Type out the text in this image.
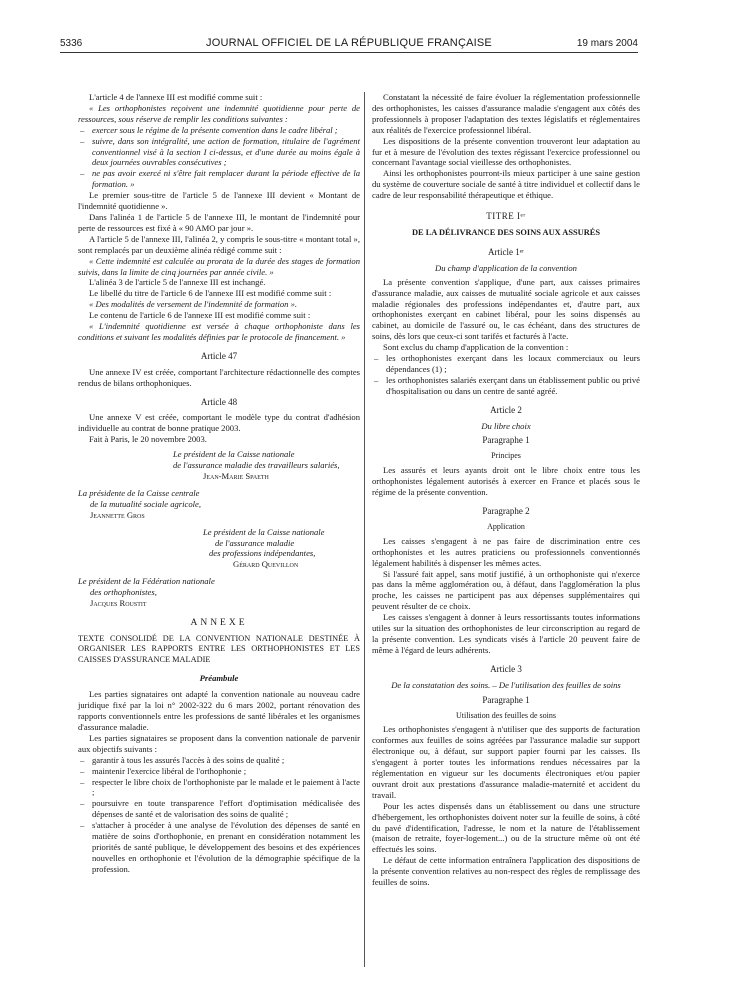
5336	JOURNAL OFFICIEL DE LA RÉPUBLIQUE FRANÇAISE	19 mars 2004

L'article 4 de l'annexe III est modifié comme suit :

« Les orthophonistes reçoivent une indemnité quotidienne pour perte de ressources, sous réserve de remplir les conditions suivantes :

– exercer sous le régime de la présente convention dans le cadre libéral ;
– suivre, dans son intégralité, une action de formation, titulaire de l'agrément conventionnel visé à la section I ci-dessus, et d'une durée au moins égale à deux journées ouvrables consécutives ;
– ne pas avoir exercé ni s'être fait remplacer durant la période effective de la formation. »

Le premier sous-titre de l'article 5 de l'annexe III devient « Montant de l'indemnité quotidienne ».

Dans l'alinéa 1 de l'article 5 de l'annexe III, le montant de l'indemnité pour perte de ressources est fixé à « 90 AMO par jour ».

A l'article 5 de l'annexe III, l'alinéa 2, y compris le sous-titre « montant total », sont remplacés par un deuxième alinéa rédigé comme suit :

« Cette indemnité est calculée au prorata de la durée des stages de formation suivis, dans la limite de cinq journées par année civile. »

L'alinéa 3 de l'article 5 de l'annexe III est inchangé.

Le libellé du titre de l'article 6 de l'annexe III est modifié comme suit :

« Des modalités de versement de l'indemnité de formation ».

Le contenu de l'article 6 de l'annexe III est modifié comme suit :

« L'indemnité quotidienne est versée à chaque orthophoniste dans les conditions et suivant les modalités définies par le protocole de financement. »

Article 47

Une annexe IV est créée, comportant l'architecture rédactionnelle des comptes rendus de bilans orthophoniques.

Article 48

Une annexe V est créée, comportant le modèle type du contrat d'adhésion individuelle au contrat de bonne pratique 2003.

Fait à Paris, le 20 novembre 2003.

Le président de la Caisse nationale
de l'assurance maladie des travailleurs salariés,
Jean-Marie Spaeth
La présidente de la Caisse centrale
de la mutualité sociale agricole,
Jeannette Gros
Le président de la Caisse nationale
de l'assurance maladie
des professions indépendantes,
Gérard Quevillon
Le président de la Fédération nationale
des orthophonistes,
Jacques Roustit

ANNEXE

TEXTE CONSOLIDÉ DE LA CONVENTION NATIONALE DESTINÉE À ORGANISER LES RAPPORTS ENTRE LES ORTHOPHONISTES ET LES CAISSES D'ASSURANCE MALADIE

Préambule

Les parties signataires ont adapté la convention nationale au nouveau cadre juridique fixé par la loi n° 2002-322 du 6 mars 2002, portant rénovation des rapports conventionnels entre les professions de santé libérales et les organismes d'assurance maladie.

Les parties signataires se proposent dans la convention nationale de parvenir aux objectifs suivants :

– garantir à tous les assurés l'accès à des soins de qualité ;
– maintenir l'exercice libéral de l'orthophonie ;
– respecter le libre choix de l'orthophoniste par le malade et le paiement à l'acte ;
– poursuivre en toute transparence l'effort d'optimisation médicalisée des dépenses de santé et de valorisation des soins de qualité ;
– s'attacher à procéder à une analyse de l'évolution des dépenses de santé en matière de soins d'orthophonie, en prenant en considération notamment les priorités de santé publique, le développement des besoins et des expériences nouvelles en orthophonie et l'évolution de la démographie spécifique de la profession.

Constatant la nécessité de faire évoluer la réglementation professionnelle des orthophonistes, les caisses d'assurance maladie s'engagent aux côtés des professionnels à proposer l'adaptation des textes législatifs et réglementaires aux réalités de l'exercice professionnel libéral.

Les dispositions de la présente convention trouveront leur adaptation au fur et à mesure de l'évolution des textes régissant l'exercice professionnel ou concernant l'avantage social vieillesse des orthophonistes.

Ainsi les orthophonistes pourront-ils mieux participer à une saine gestion du système de couverture sociale de santé à titre individuel et collectif dans le cadre de leur responsabilité thérapeutique et éthique.

TITRE Iᵉʳ

DE LA DÉLIVRANCE DES SOINS AUX ASSURÉS

Article 1ᵉʳ

Du champ d'application de la convention

La présente convention s'applique, d'une part, aux caisses primaires d'assurance maladie, aux caisses de mutualité sociale agricole et aux caisses maladie régionales des professions indépendantes et, d'autre part, aux orthophonistes exerçant en cabinet libéral, pour les soins dispensés au cabinet, au domicile de l'assuré ou, le cas échéant, dans des structures de soins, dès lors que ceux-ci sont tarifés et facturés à l'acte.

Sont exclus du champ d'application de la convention :

– les orthophonistes exerçant dans les locaux commerciaux ou leurs dépendances (1) ;
– les orthophonistes salariés exerçant dans un établissement public ou privé d'hospitalisation ou dans un centre de santé agréé.

Article 2

Du libre choix

Paragraphe 1

Principes

Les assurés et leurs ayants droit ont le libre choix entre tous les orthophonistes légalement autorisés à exercer en France et placés sous le régime de la présente convention.

Paragraphe 2

Application

Les caisses s'engagent à ne pas faire de discrimination entre ces orthophonistes et les autres praticiens ou professionnels conventionnés légalement habilités à dispenser les mêmes actes.

Si l'assuré fait appel, sans motif justifié, à un orthophoniste qui n'exerce pas dans la même agglomération ou, à défaut, dans l'agglomération la plus proche, les caisses ne participent pas aux dépenses supplémentaires qui peuvent résulter de ce choix.

Les caisses s'engagent à donner à leurs ressortissants toutes informations utiles sur la situation des orthophonistes de leur circonscription au regard de la présente convention. Les syndicats visés à l'article 20 peuvent faire de même à l'égard de leurs adhérents.

Article 3

De la constatation des soins. – De l'utilisation des feuilles de soins

Paragraphe 1

Utilisation des feuilles de soins

Les orthophonistes s'engagent à n'utiliser que des supports de facturation conformes aux feuilles de soins agréées par l'assurance maladie sur support électronique ou, à défaut, sur support papier fourni par les caisses. Ils s'engagent à porter toutes les informations rendues nécessaires par la réglementation en vigueur sur les documents électroniques et/ou papier ouvrant droit aux prestations d'assurance maladie-maternité et accident du travail.

Pour les actes dispensés dans un établissement ou dans une structure d'hébergement, les orthophonistes doivent noter sur la feuille de soins, à côté du pavé d'identification, l'adresse, le nom et la nature de l'établissement (maison de retraite, foyer-logement...) ou de la structure même où ont été effectués les soins.

Le défaut de cette information entraînera l'application des dispositions de la présente convention relatives au non-respect des règles de remplissage des feuilles de soins.
